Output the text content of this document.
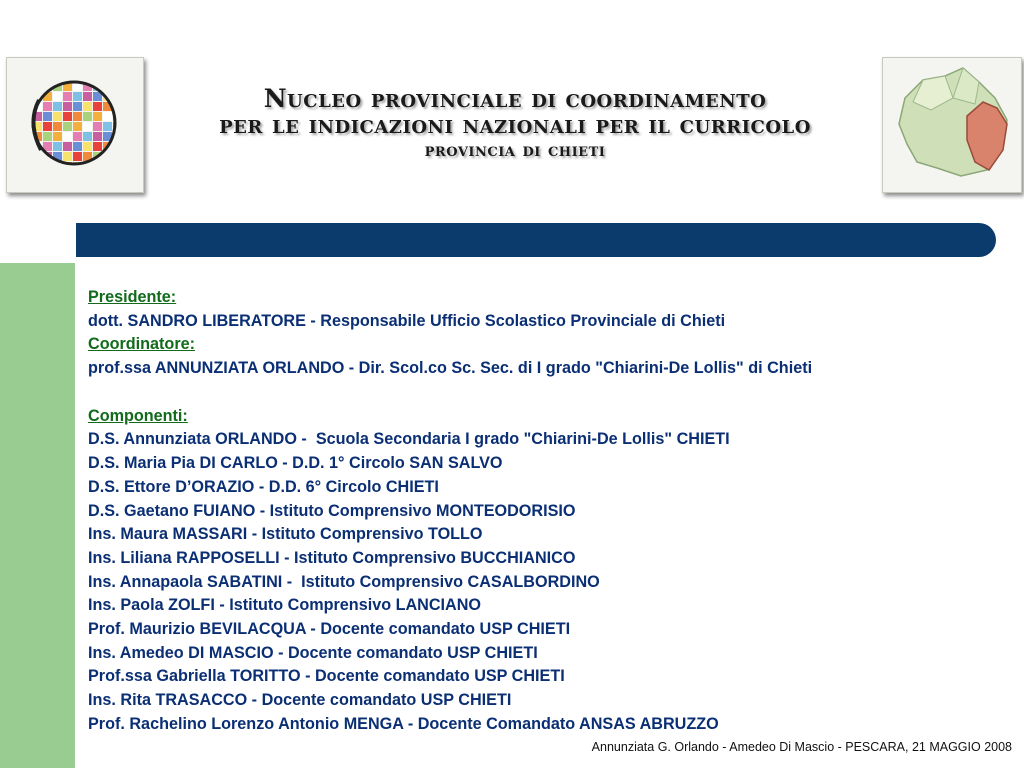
Nucleo provinciale di coordinamento
per le indicazioni nazionali per il curricolo
provincia di chieti
Presidente:
dott. SANDRO LIBERATORE - Responsabile Ufficio Scolastico Provinciale di Chieti
Coordinatore:
prof.ssa ANNUNZIATA ORLANDO - Dir. Scol.co Sc. Sec. di I grado "Chiarini-De Lollis" di Chieti
Componenti:
D.S. Annunziata ORLANDO -  Scuola Secondaria I grado "Chiarini-De Lollis" CHIETI
D.S. Maria Pia DI CARLO - D.D. 1° Circolo SAN SALVO
D.S. Ettore D’ORAZIO - D.D. 6° Circolo CHIETI
D.S. Gaetano FUIANO - Istituto Comprensivo MONTEODORISIO
Ins. Maura MASSARI - Istituto Comprensivo TOLLO
Ins. Liliana RAPPOSELLI - Istituto Comprensivo BUCCHIANICO
Ins. Annapaola SABATINI -  Istituto Comprensivo CASALBORDINO
Ins. Paola ZOLFI - Istituto Comprensivo LANCIANO
Prof. Maurizio BEVILACQUA - Docente comandato USP CHIETI
Ins. Amedeo DI MASCIO - Docente comandato USP CHIETI
Prof.ssa Gabriella TORITTO - Docente comandato USP CHIETI
Ins. Rita TRASACCO - Docente comandato USP CHIETI
Prof. Rachelino Lorenzo Antonio MENGA - Docente Comandato ANSAS ABRUZZO
Annunziata G. Orlando - Amedeo Di Mascio - PESCARA, 21 MAGGIO 2008
